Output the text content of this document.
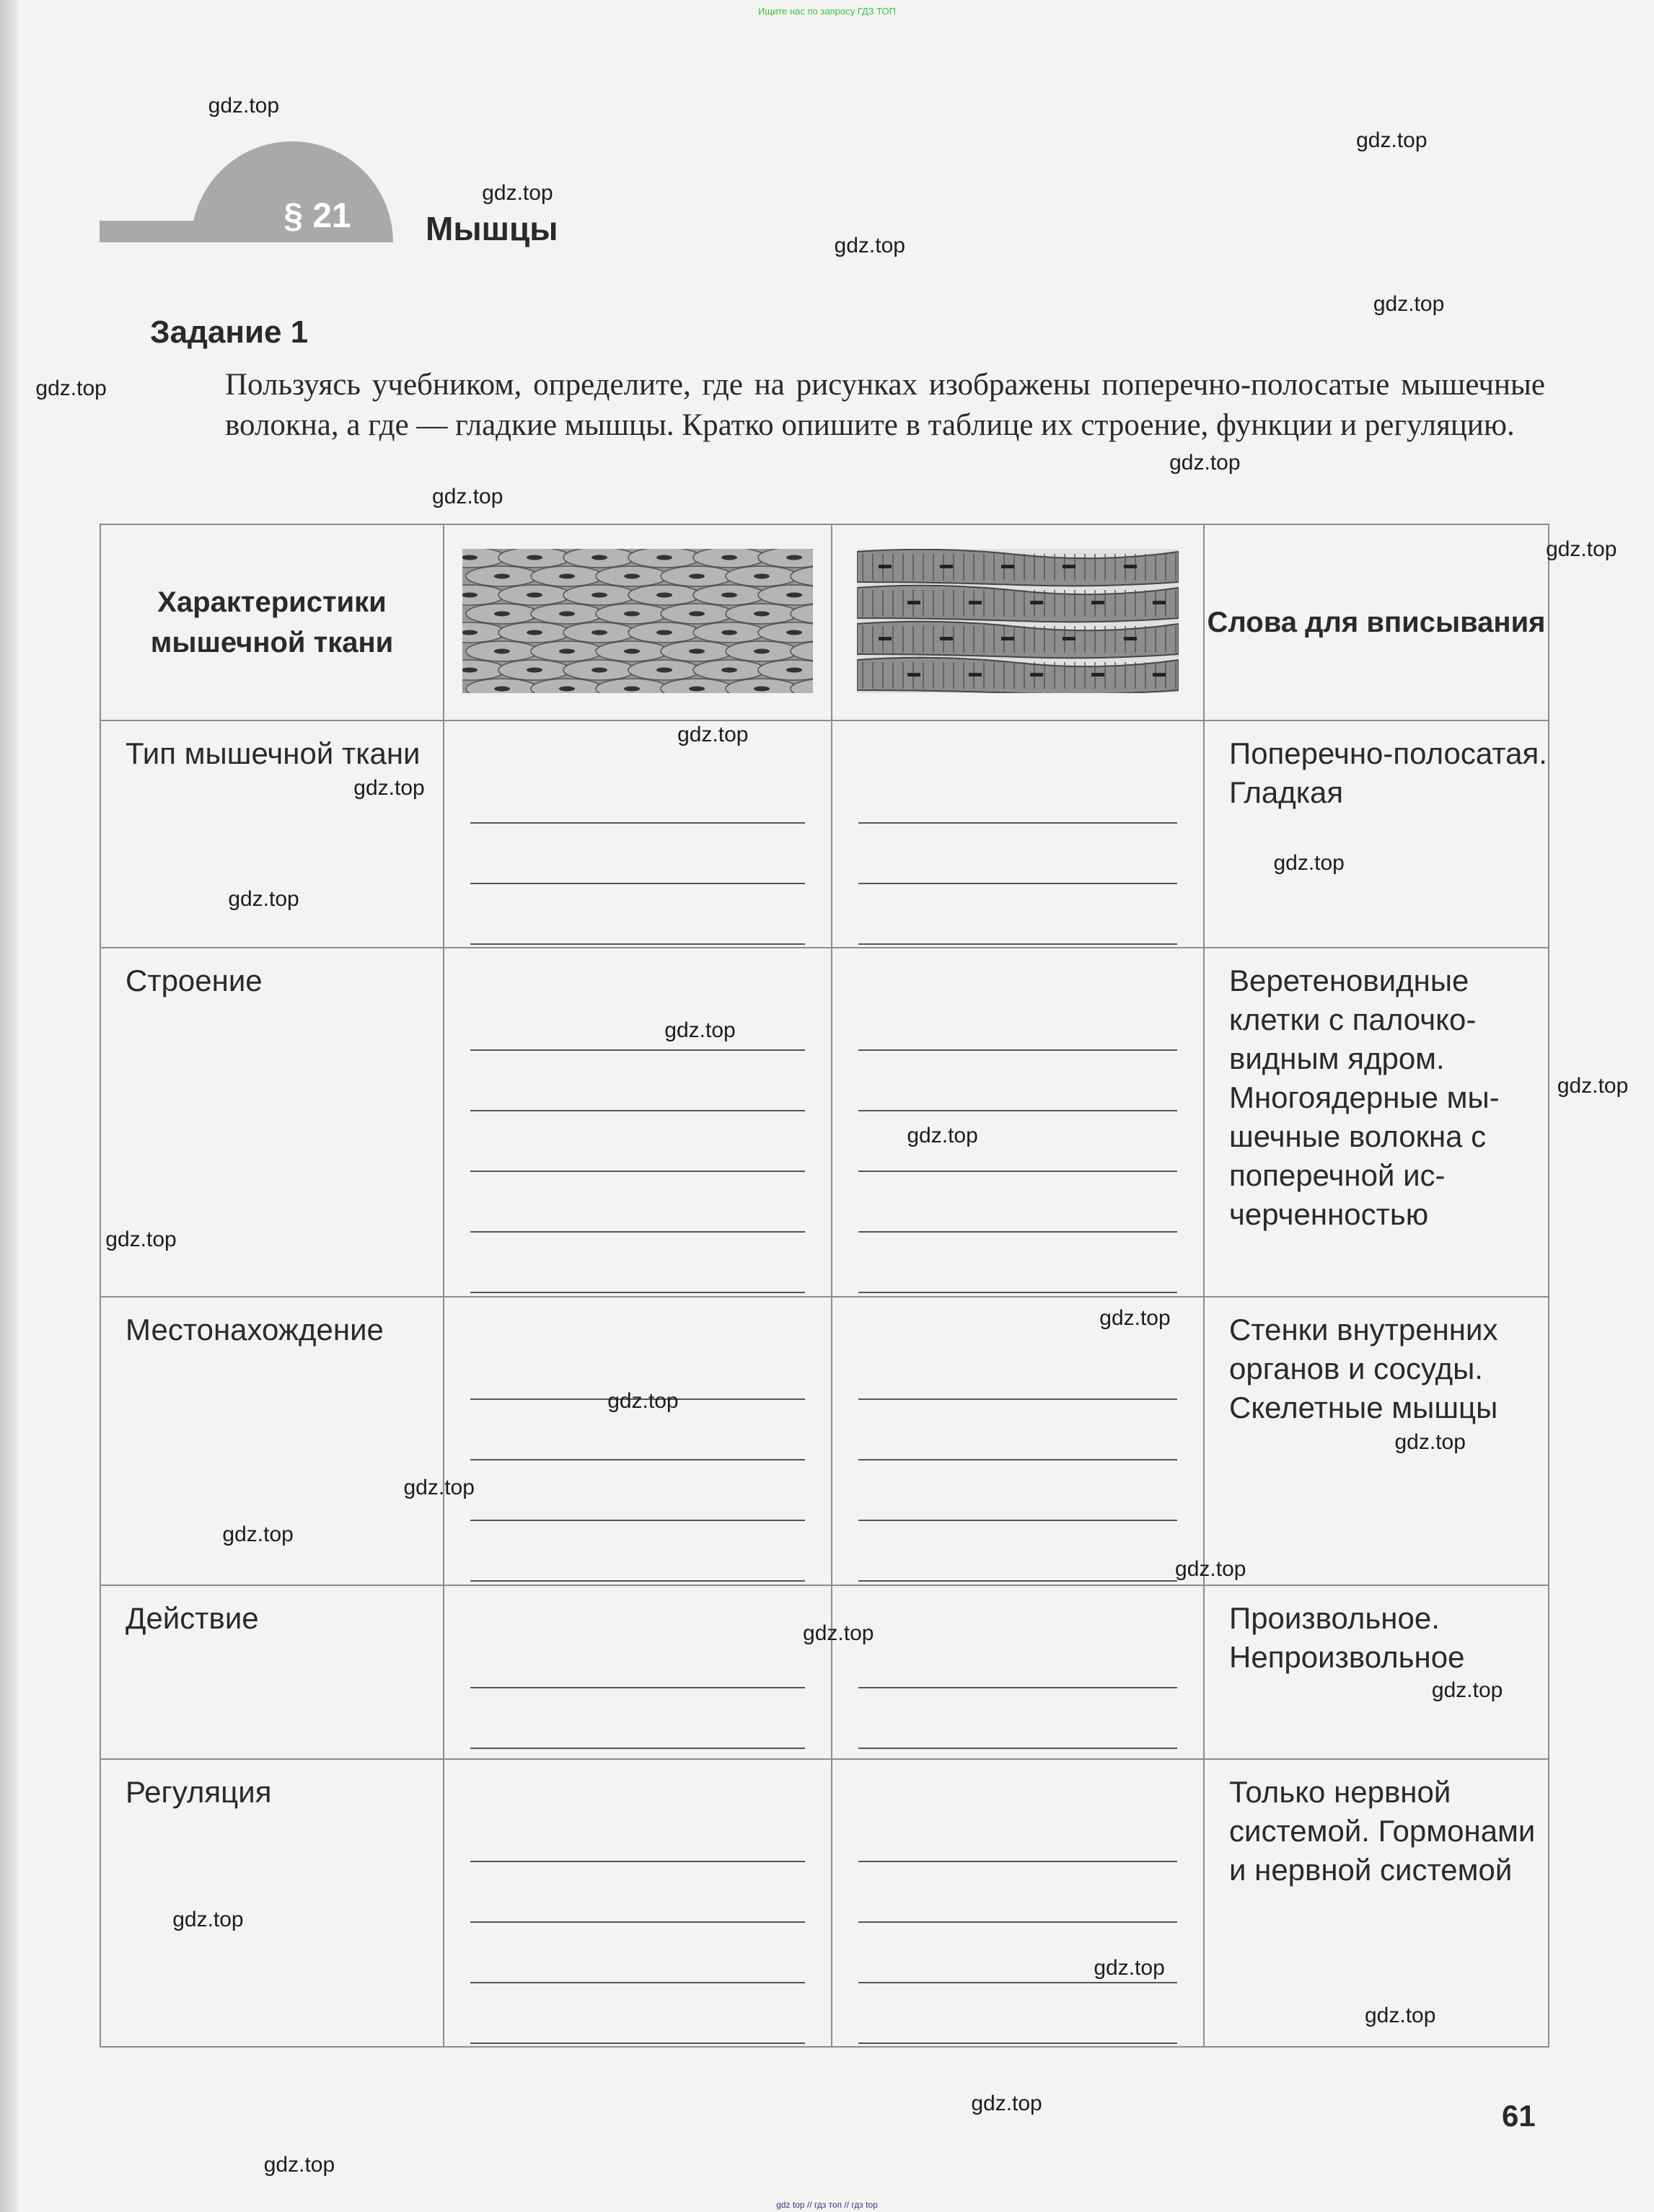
Ищите нас по запросу ГДЗ ТОП
§ 21	Мышцы
Задание 1
Пользуясь учебником, определите, где на рисунках изображены поперечно-полосатые мышечные волокна, а где — гладкие мышцы. Кратко опишите в таблице их строение, функции и регуляцию.
Характеристики мышечной ткани			Слова для вписывания
Тип мышечной ткани			Поперечно-полосатая. Гладкая
Строение			Веретеновидные клетки с палочко-видным ядром. Многоядерные мы-шечные волокна с поперечной ис-черченностью
Местонахождение			Стенки внутренних органов и сосуды. Скелетные мышцы
Действие			Произвольное. Непроизвольное
Регуляция			Только нервной системой. Гормонами и нервной системой
61
gdz top // гдз топ // гдз top
gdz.top
gdz.top
gdz.top
gdz.top
gdz.top
gdz.top
gdz.top
gdz.top
gdz.top
gdz.top
gdz.top
gdz.top
gdz.top
gdz.top
gdz.top
gdz.top
gdz.top
gdz.top
gdz.top
gdz.top
gdz.top
gdz.top
gdz.top
gdz.top
gdz.top
gdz.top
gdz.top
gdz.top
gdz.top
gdz.top
